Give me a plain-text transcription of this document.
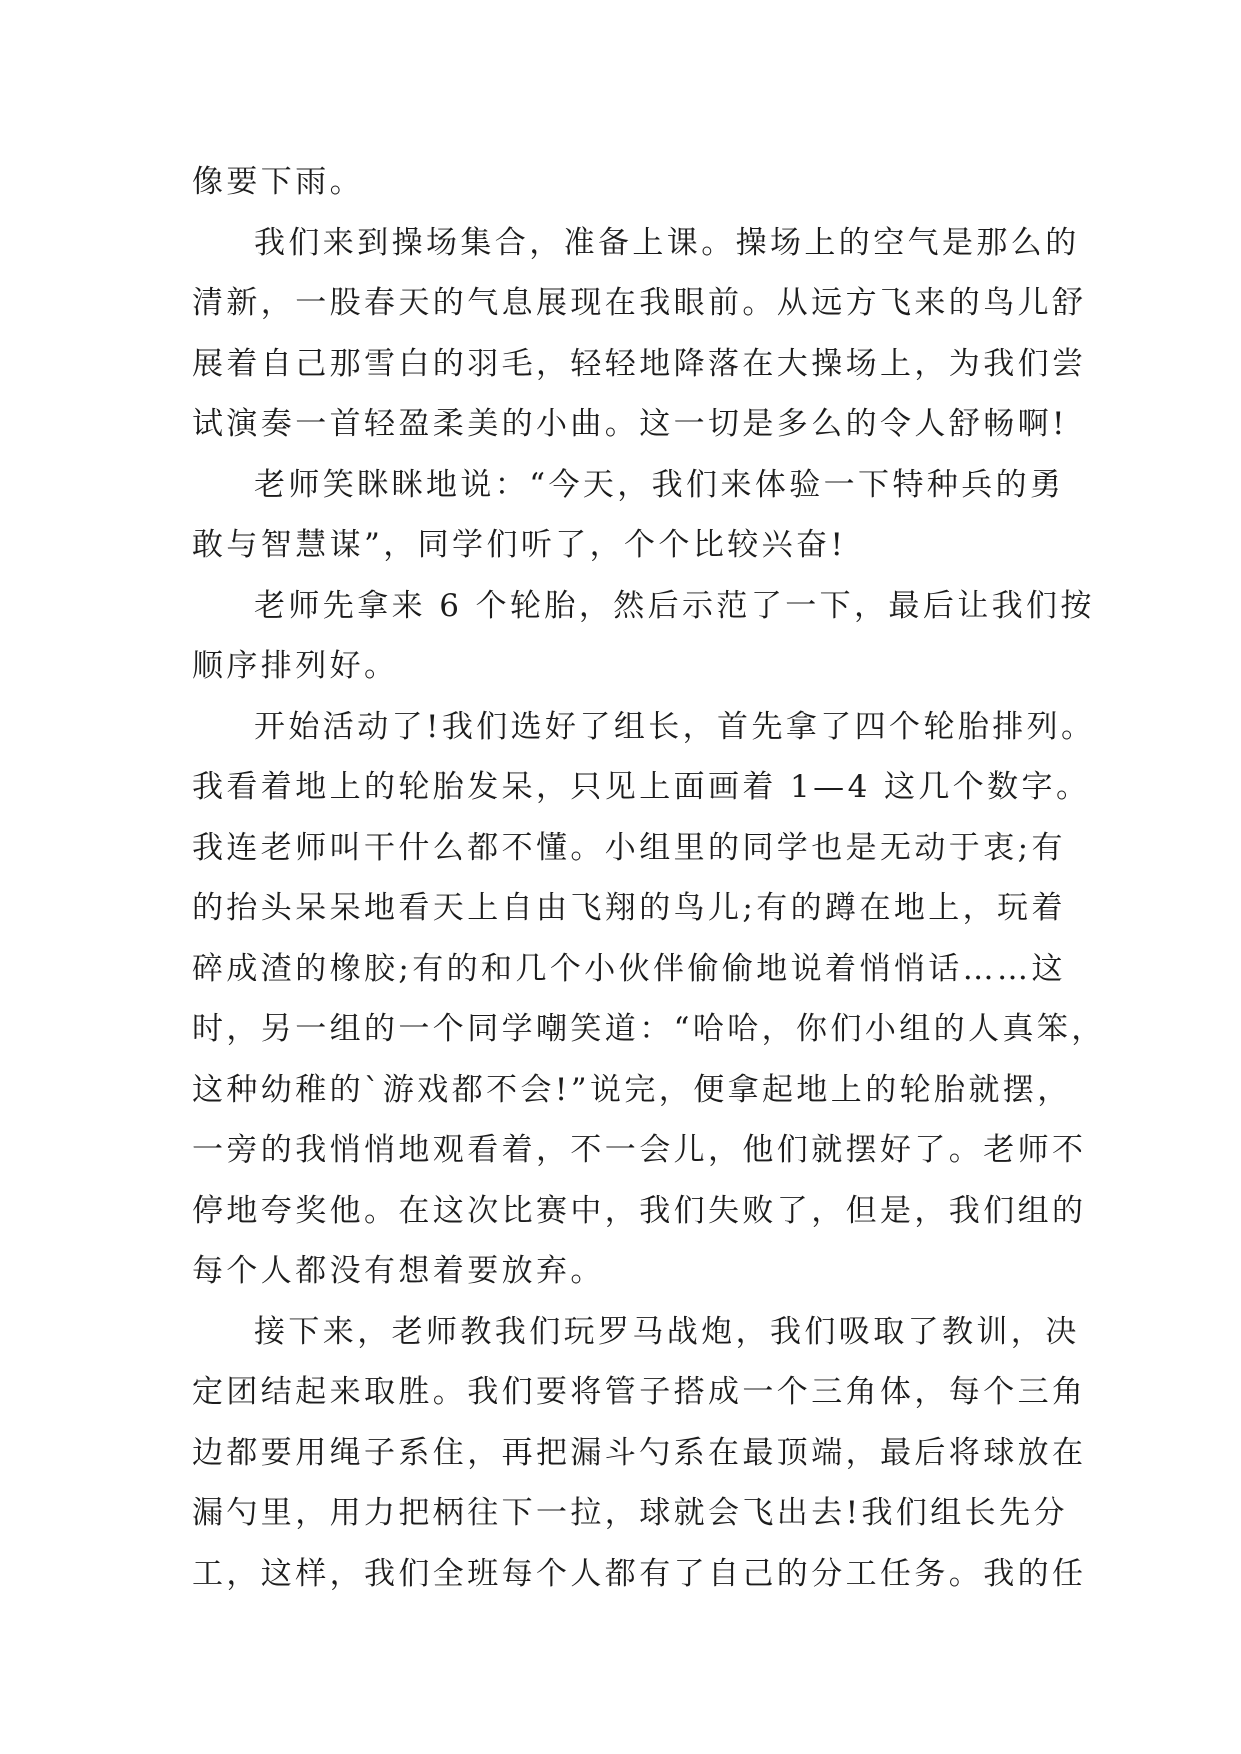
像要下雨。
我们来到操场集合，准备上课。操场上的空气是那么的
清新，一股春天的气息展现在我眼前。从远方飞来的鸟儿舒
展着自己那雪白的羽毛，轻轻地降落在大操场上，为我们尝
试演奏一首轻盈柔美的小曲。这一切是多么的令人舒畅啊!
老师笑眯眯地说：“今天，我们来体验一下特种兵的勇
敢与智慧谋”，同学们听了，个个比较兴奋!
老师先拿来 6 个轮胎，然后示范了一下，最后让我们按
顺序排列好。
开始活动了!我们选好了组长，首先拿了四个轮胎排列。
我看着地上的轮胎发呆，只见上面画着 1—4 这几个数字。
我连老师叫干什么都不懂。小组里的同学也是无动于衷;有
的抬头呆呆地看天上自由飞翔的鸟儿;有的蹲在地上，玩着
碎成渣的橡胶;有的和几个小伙伴偷偷地说着悄悄话……这
时，另一组的一个同学嘲笑道：“哈哈，你们小组的人真笨，
这种幼稚的`游戏都不会!”说完，便拿起地上的轮胎就摆，
一旁的我悄悄地观看着，不一会儿，他们就摆好了。老师不
停地夸奖他。在这次比赛中，我们失败了，但是，我们组的
每个人都没有想着要放弃。
接下来，老师教我们玩罗马战炮，我们吸取了教训，决
定团结起来取胜。我们要将管子搭成一个三角体，每个三角
边都要用绳子系住，再把漏斗勺系在最顶端，最后将球放在
漏勺里，用力把柄往下一拉，球就会飞出去!我们组长先分
工，这样，我们全班每个人都有了自己的分工任务。我的任
